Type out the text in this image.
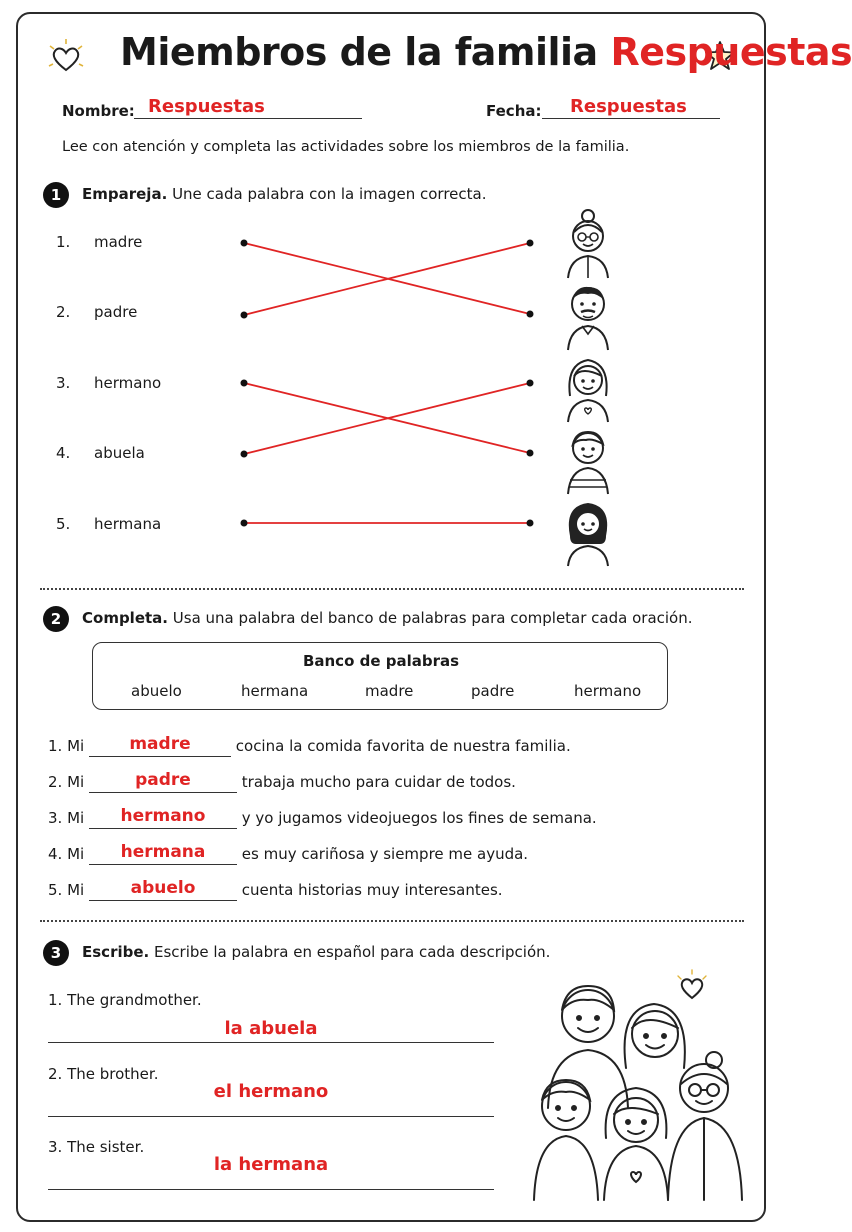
Miembros de la familia Respuestas
Nombre: Respuestas	Fecha: Respuestas
Lee con atención y completa las actividades sobre los miembros de la familia.
1	Empareja. Une cada palabra con la imagen correcta.
1. madre
2. padre
3. hermano
4. abuela
5. hermana
2	Completa. Usa una palabra del banco de palabras para completar cada oración.
Banco de palabras
abuelo	hermana	madre	padre	hermano
1. Mi	madre	cocina la comida favorita de nuestra familia.
2. Mi	padre	trabaja mucho para cuidar de todos.
3. Mi hermano y yo jugamos videojuegos los fines de semana.
4. Mi hermana es muy cariñosa y siempre me ayuda.
5. Mi	abuelo	cuenta historias muy interesantes.
3	Escribe. Escribe la palabra en español para cada descripción.
1. The grandmother.
la abuela
2. The brother.
el hermano
3. The sister.
la hermana
